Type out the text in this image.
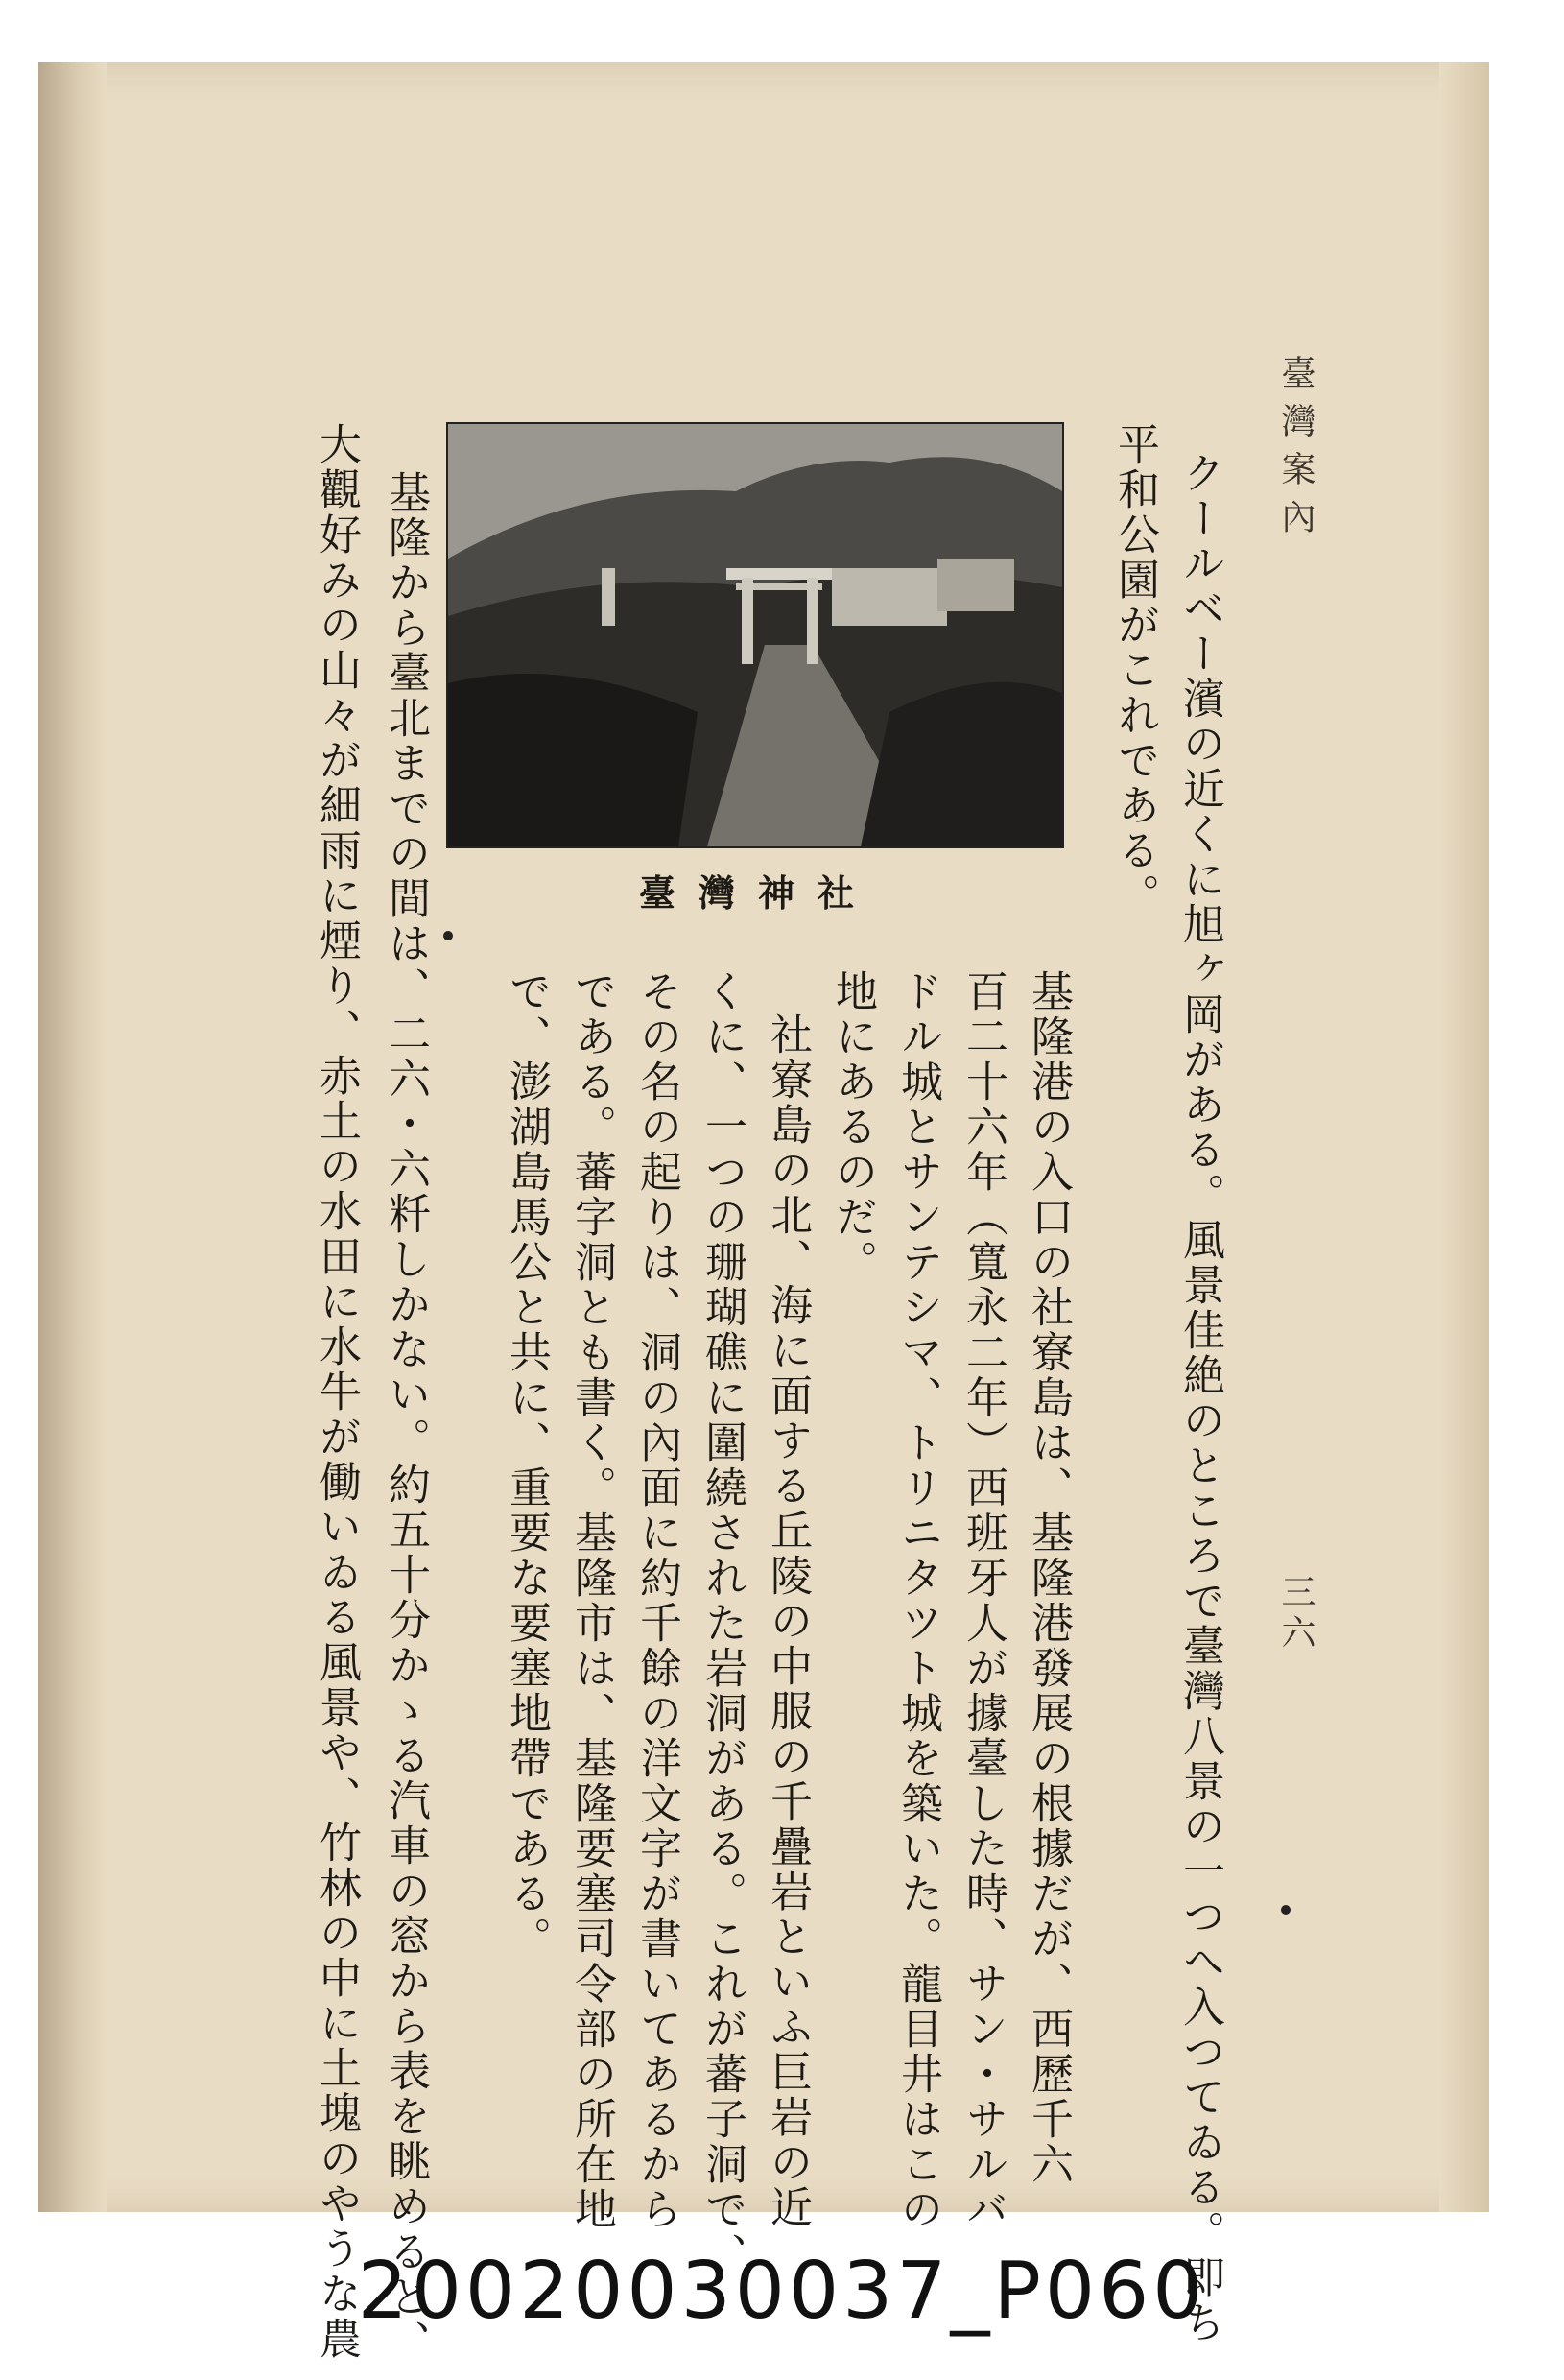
臺灣案內
三六
クールベー濱の近くに旭ヶ岡がある。風景佳絶のところで臺灣八景の一つへ入つてゐる。即ち
平和公園がこれである。
臺灣神社
基隆港の入口の社寮島は、基隆港發展の根據だが、西歷千六
百二十六年（寬永二年）西班牙人が據臺した時、サン・サルバ
ドル城とサンテシマ、トリニタツト城を築いた。龍目井はこの
地にあるのだ。
社寮島の北、海に面する丘陵の中服の千疊岩といふ巨岩の近
くに、一つの珊瑚礁に圍繞された岩洞がある。これが蕃子洞で、
その名の起りは、洞の內面に約千餘の洋文字が書いてあるから
である。蕃字洞とも書く。基隆市は、基隆要塞司令部の所在地
で、澎湖島馬公と共に、重要な要塞地帶である。
基隆から臺北までの間は、二六・六粁しかない。約五十分かゝる汽車の窓から表を眺めると、
大觀好みの山々が細雨に煙り、赤土の水田に水牛が働いゐる風景や、竹林の中に土塊のやうな農
20020030037_P060
